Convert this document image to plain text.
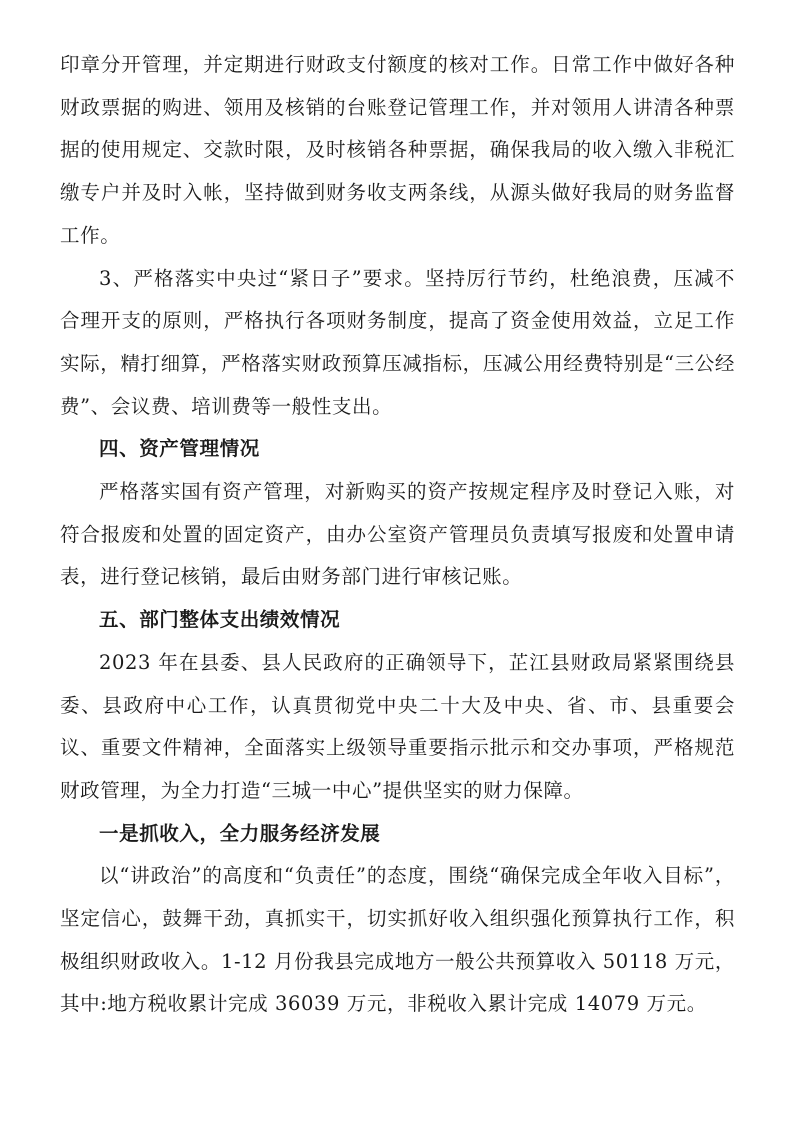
印章分开管理，并定期进行财政支付额度的核对工作。日常工作中做好各种财政票据的购进、领用及核销的台账登记管理工作，并对领用人讲清各种票据的使用规定、交款时限，及时核销各种票据，确保我局的收入缴入非税汇缴专户并及时入帐，坚持做到财务收支两条线，从源头做好我局的财务监督工作。

3、严格落实中央过“紧日子”要求。坚持厉行节约，杜绝浪费，压减不合理开支的原则，严格执行各项财务制度，提高了资金使用效益，立足工作实际，精打细算，严格落实财政预算压减指标，压减公用经费特别是“三公经费”、会议费、培训费等一般性支出。

四、资产管理情况

严格落实国有资产管理，对新购买的资产按规定程序及时登记入账，对符合报废和处置的固定资产，由办公室资产管理员负责填写报废和处置申请表，进行登记核销，最后由财务部门进行审核记账。

五、部门整体支出绩效情况

2023 年在县委、县人民政府的正确领导下，芷江县财政局紧紧围绕县委、县政府中心工作，认真贯彻党中央二十大及中央、省、市、县重要会议、重要文件精神，全面落实上级领导重要指示批示和交办事项，严格规范财政管理，为全力打造“三城一中心”提供坚实的财力保障。

一是抓收入，全力服务经济发展

以“讲政治”的高度和“负责任”的态度，围绕“确保完成全年收入目标”，坚定信心，鼓舞干劲，真抓实干，切实抓好收入组织强化预算执行工作，积极组织财政收入。1-12 月份我县完成地方一般公共预算收入 50118 万元，其中:地方税收累计完成 36039 万元，非税收入累计完成 14079 万元。
